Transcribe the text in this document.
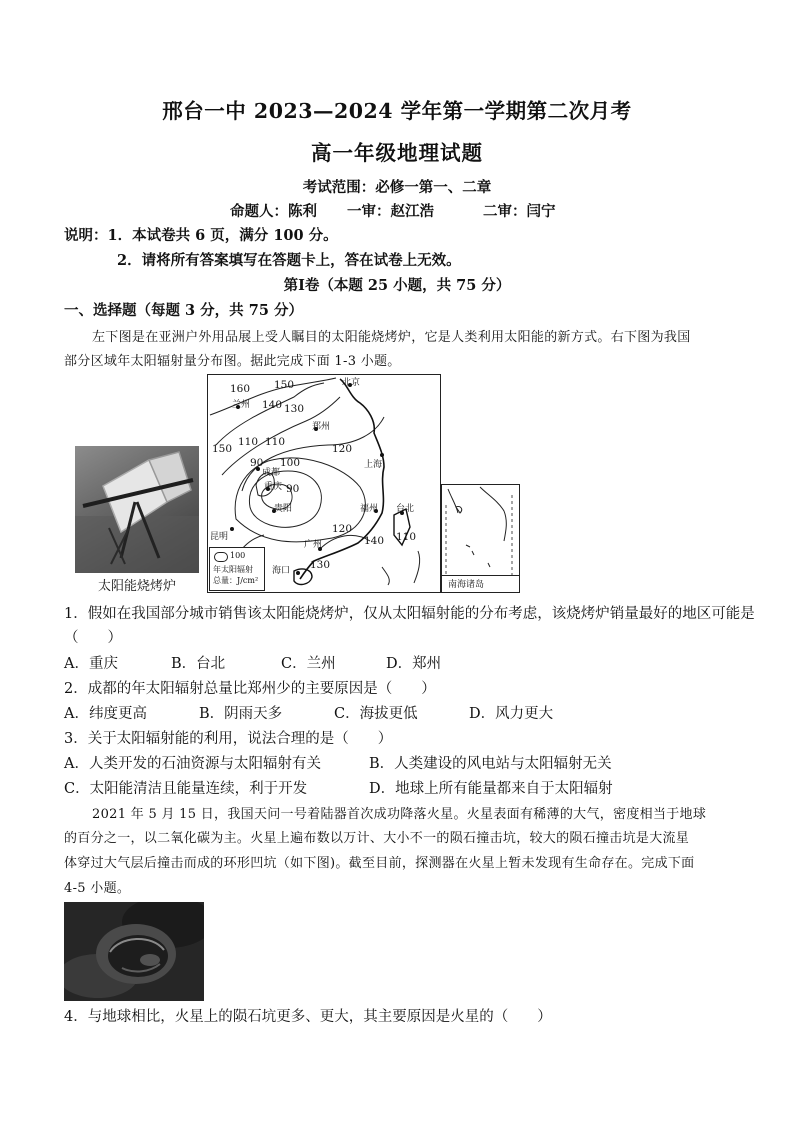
邢台一中 2023—2024 学年第一学期第二次月考
高一年级地理试题
考试范围：必修一第一、二章
命题人：陈利 一审：赵江浩	二审：闫宁
说明：1．本试卷共 6 页，满分 100 分。
2．请将所有答案填写在答题卡上，答在试卷上无效。
第Ⅰ卷（本题 25 小题，共 75 分）
一、选择题（每题 3 分，共 75 分）
左下图是在亚洲户外用品展上受人瞩目的太阳能烧烤炉，它是人类利用太阳能的新方式。右下图为我国
部分区域年太阳辐射量分布图。据此完成下面 1-3 小题。
太阳能烧烤炉
160 150
150
140 130
110 110
120
100
90
90
120
140 110
130
北京
兰州
郑州
成都
重庆
上海
贵阳	福州 台北
昆明
广州
海口
100
年太阳辐射
总量：J/cm²	南海诸岛
1．假如在我国部分城市销售该太阳能烧烤炉，仅从太阳辐射能的分布考虑，该烧烤炉销量最好的地区可能是
（　　）
A．重庆	B．台北	C．兰州	D．郑州
2．成都的年太阳辐射总量比郑州少的主要原因是（　　）
A．纬度更高	B．阴雨天多	C．海拔更低	D．风力更大
3．关于太阳辐射能的利用，说法合理的是（　　）
A．人类开发的石油资源与太阳辐射有关	B．人类建设的风电站与太阳辐射无关
C．太阳能清洁且能量连续，利于开发	D．地球上所有能量都来自于太阳辐射
2021 年 5 月 15 日，我国天问一号着陆器首次成功降落火星。火星表面有稀薄的大气，密度相当于地球
的百分之一，以二氧化碳为主。火星上遍布数以万计、大小不一的陨石撞击坑，较大的陨石撞击坑是大流星
体穿过大气层后撞击而成的环形凹坑（如下图)。截至目前，探测器在火星上暂未发现有生命存在。完成下面
4-5 小题。
4．与地球相比，火星上的陨石坑更多、更大，其主要原因是火星的（　　）
